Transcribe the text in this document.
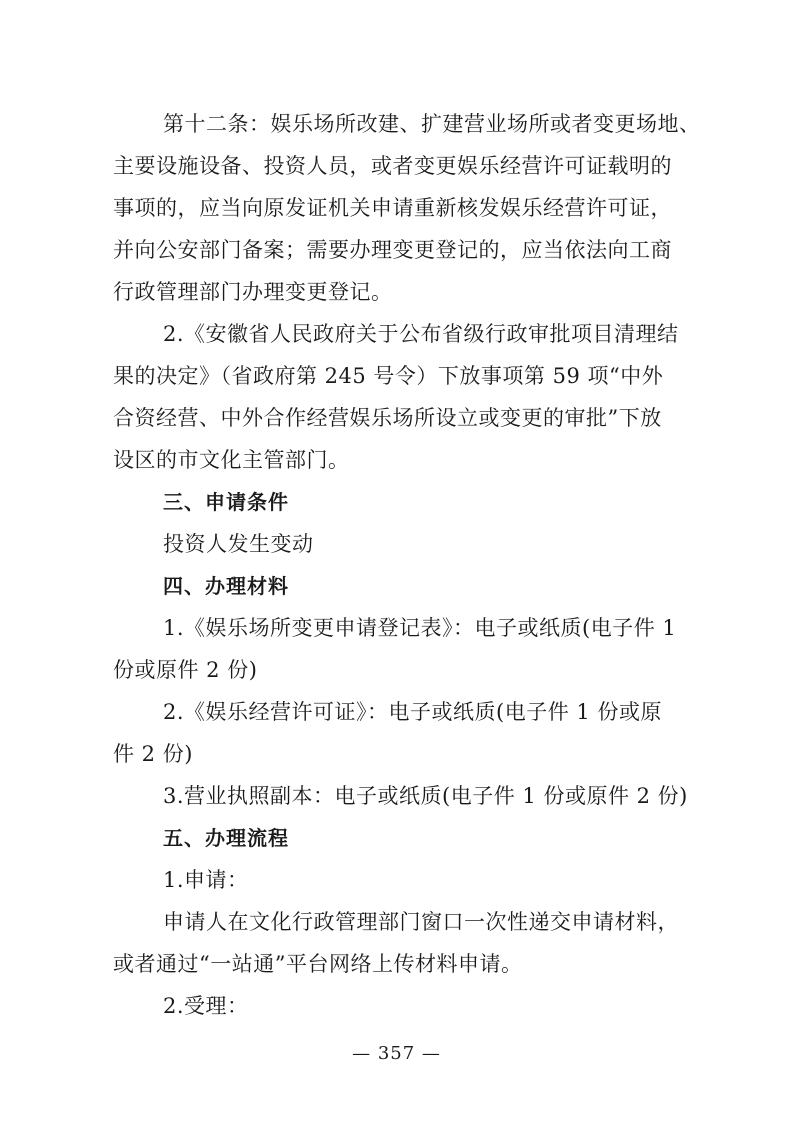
第十二条：娱乐场所改建、扩建营业场所或者变更场地、
主要设施设备、投资人员，或者变更娱乐经营许可证载明的
事项的，应当向原发证机关申请重新核发娱乐经营许可证，
并向公安部门备案；需要办理变更登记的，应当依法向工商
行政管理部门办理变更登记。
2.《安徽省人民政府关于公布省级行政审批项目清理结
果的决定》（省政府第 245 号令）下放事项第 59 项“中外
合资经营、中外合作经营娱乐场所设立或变更的审批”下放
设区的市文化主管部门。
三、申请条件
投资人发生变动
四、办理材料
1.《娱乐场所变更申请登记表》：电子或纸质(电子件 1
份或原件 2 份)
2.《娱乐经营许可证》：电子或纸质(电子件 1 份或原
件 2 份)
3.营业执照副本：电子或纸质(电子件 1 份或原件 2 份)
五、办理流程
1.申请：
申请人在文化行政管理部门窗口一次性递交申请材料，
或者通过“一站通”平台网络上传材料申请。
2.受理：
— 357 —
